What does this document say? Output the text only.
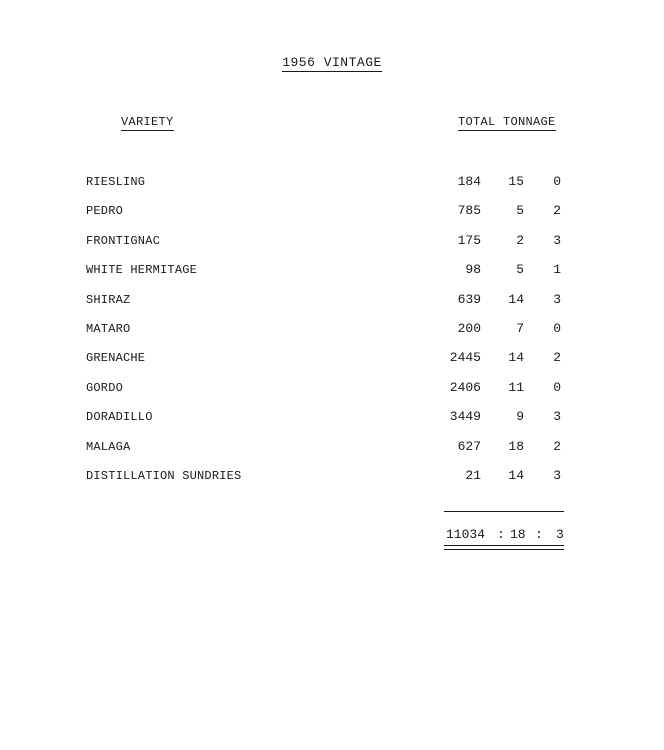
1956 VINTAGE
VARIETY	TOTAL TONNAGE
RIESLING	184	15	0
PEDRO	785	5	2
FRONTIGNAC	175	2	3
WHITE HERMITAGE	98	5	1
SHIRAZ	639	14	3
MATARO	200	7	0
GRENACHE	2445	14	2
GORDO	2406	11	0
DORADILLO	3449	9	3
MALAGA	627	18	2
DISTILLATION SUNDRIES	21	14	3
11034 : 18 : 3
